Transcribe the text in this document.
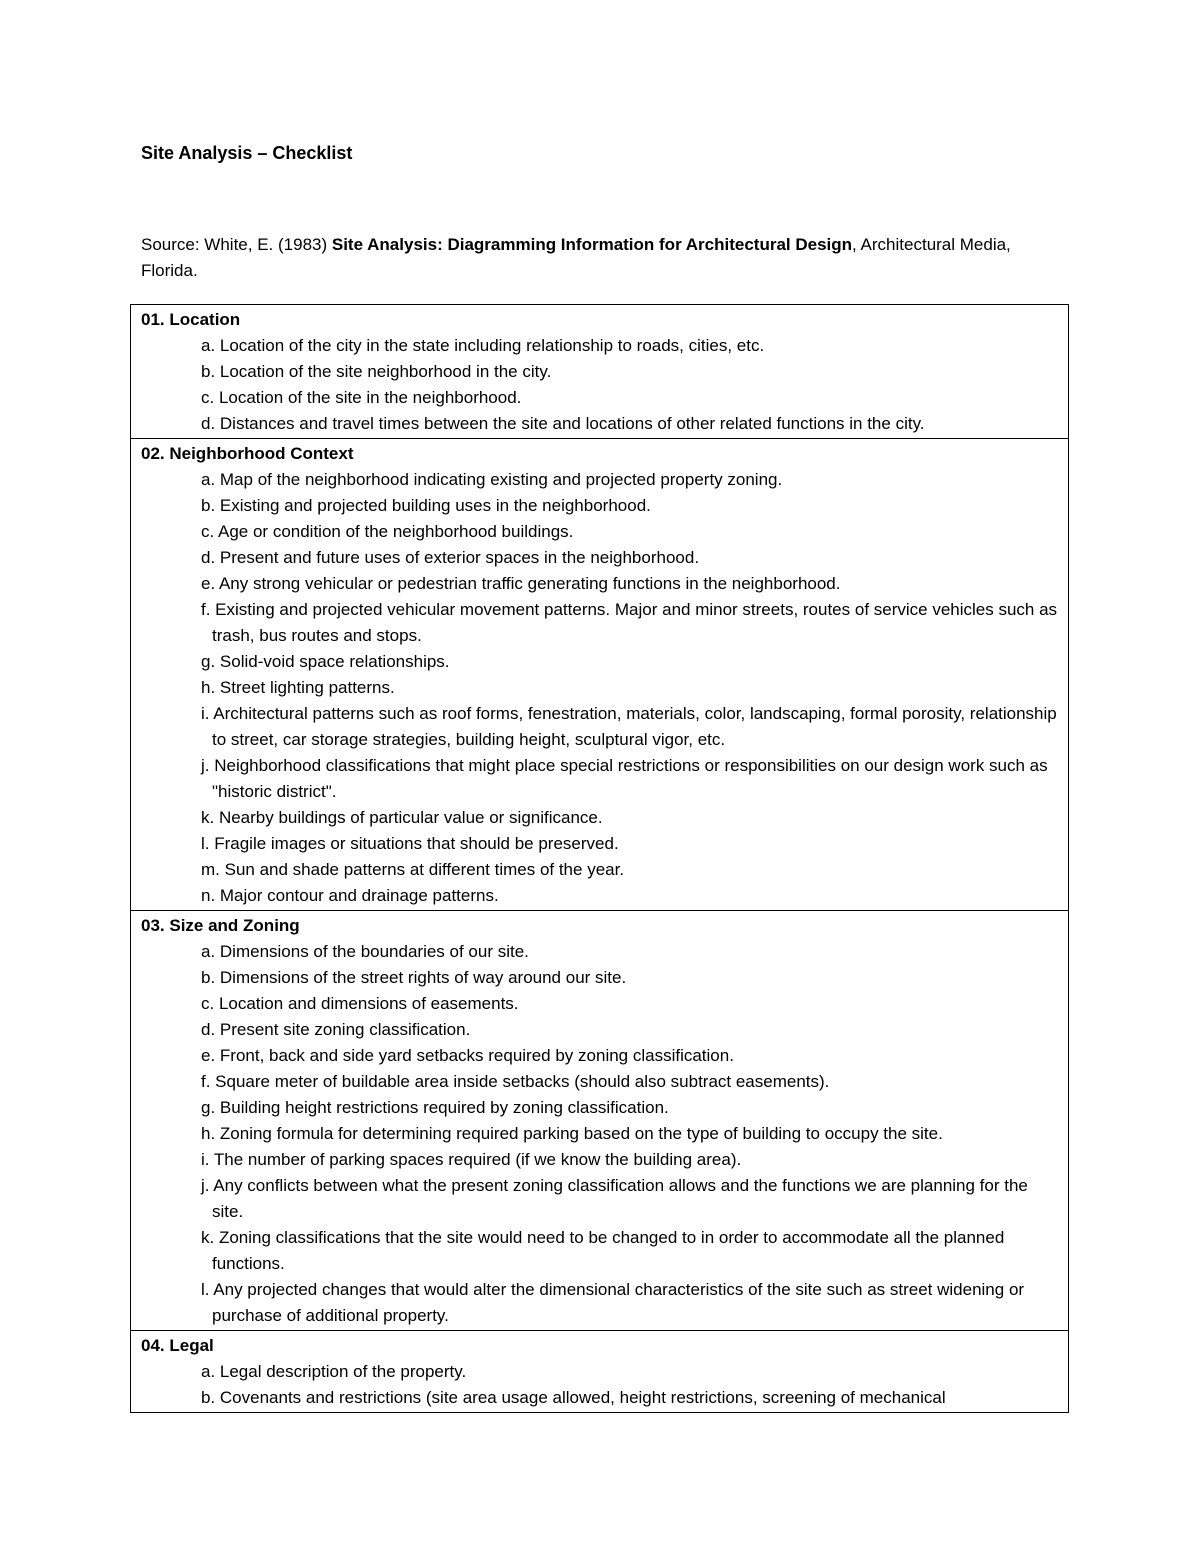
Site Analysis – Checklist
Source: White, E. (1983) Site Analysis: Diagramming Information for Architectural Design, Architectural Media, Florida.
01. Location
a. Location of the city in the state including relationship to roads, cities, etc.
b. Location of the site neighborhood in the city.
c. Location of the site in the neighborhood.
d. Distances and travel times between the site and locations of other related functions in the city.

02. Neighborhood Context
a. Map of the neighborhood indicating existing and projected property zoning.
b. Existing and projected building uses in the neighborhood.
c. Age or condition of the neighborhood buildings.
d. Present and future uses of exterior spaces in the neighborhood.
e. Any strong vehicular or pedestrian traffic generating functions in the neighborhood.
f. Existing and projected vehicular movement patterns. Major and minor streets, routes of service vehicles such as trash, bus routes and stops.
g. Solid-void space relationships.
h. Street lighting patterns.
i. Architectural patterns such as roof forms, fenestration, materials, color, landscaping, formal porosity, relationship to street, car storage strategies, building height, sculptural vigor, etc.
j. Neighborhood classifications that might place special restrictions or responsibilities on our design work such as "historic district".
k. Nearby buildings of particular value or significance.
l. Fragile images or situations that should be preserved.
m. Sun and shade patterns at different times of the year.
n. Major contour and drainage patterns.

03. Size and Zoning
a. Dimensions of the boundaries of our site.
b. Dimensions of the street rights of way around our site.
c. Location and dimensions of easements.
d. Present site zoning classification.
e. Front, back and side yard setbacks required by zoning classification.
f. Square meter of buildable area inside setbacks (should also subtract easements).
g. Building height restrictions required by zoning classification.
h. Zoning formula for determining required parking based on the type of building to occupy the site.
i. The number of parking spaces required (if we know the building area).
j. Any conflicts between what the present zoning classification allows and the functions we are planning for the site.
k. Zoning classifications that the site would need to be changed to in order to accommodate all the planned functions.
l. Any projected changes that would alter the dimensional characteristics of the site such as street widening or purchase of additional property.

04. Legal
a. Legal description of the property.
b. Covenants and restrictions (site area usage allowed, height restrictions, screening of mechanical
